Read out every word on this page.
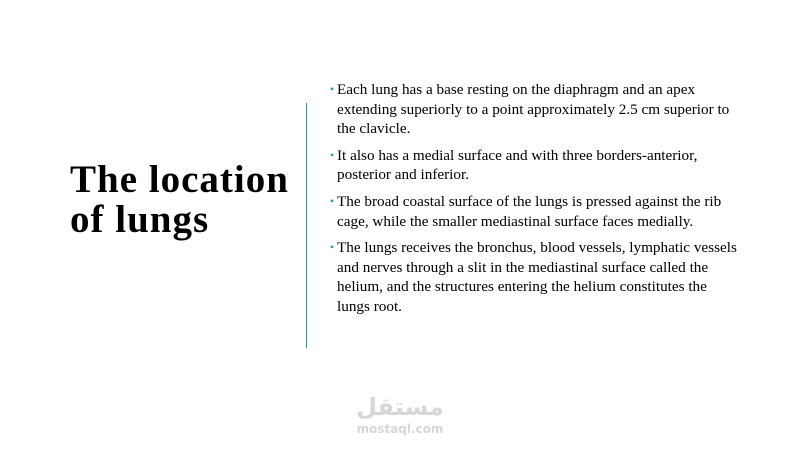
The location of lungs
• Each lung has a base resting on the diaphragm and an apex extending superiorly to a point approximately 2.5 cm superior to the clavicle.
• It also has a medial surface and with three borders-anterior, posterior and inferior.
• The broad coastal surface of the lungs is pressed against the rib cage, while the smaller mediastinal surface faces medially.
• The lungs receives the bronchus, blood vessels, lymphatic vessels and nerves through a slit in the mediastinal surface called the helium, and the structures entering the helium constitutes the lungs root.
مستقل
mostaql.com
